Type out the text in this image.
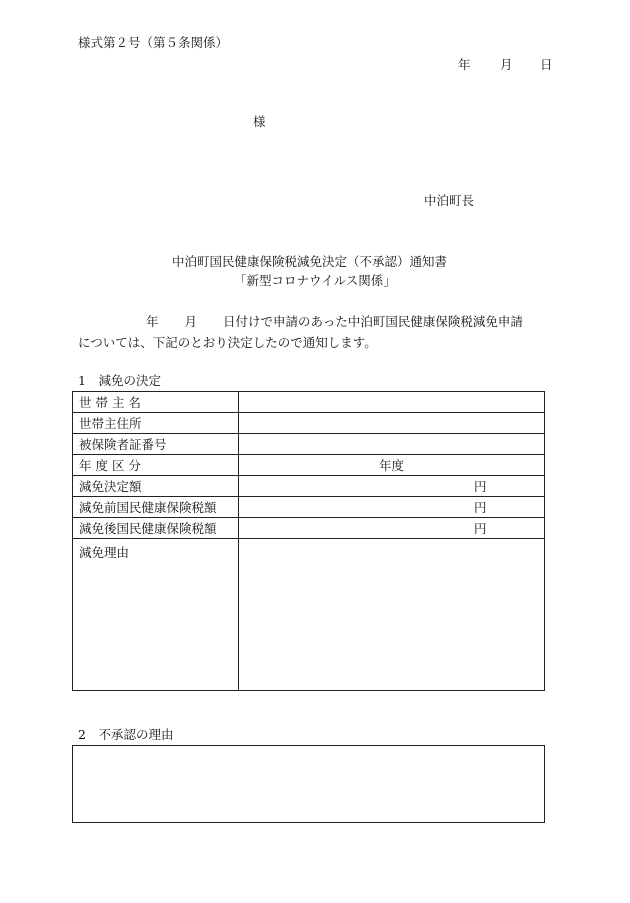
様式第２号（第５条関係）
年 月 日
様
中泊町長
中泊町国民健康保険税減免決定（不承認）通知書
「新型コロナウイルス関係」
年 月 日付けで申請のあった中泊町国民健康保険税減免申請
については、下記のとおり決定したので通知します。
1　減免の決定
世 帯 主 名	
世帯主住所	
被保険者証番号	
年 度 区 分	年度

減免決定額	円

減免前国民健康保険税額	円

減免後国民健康保険税額	円

減免理由	
2　不承認の理由
